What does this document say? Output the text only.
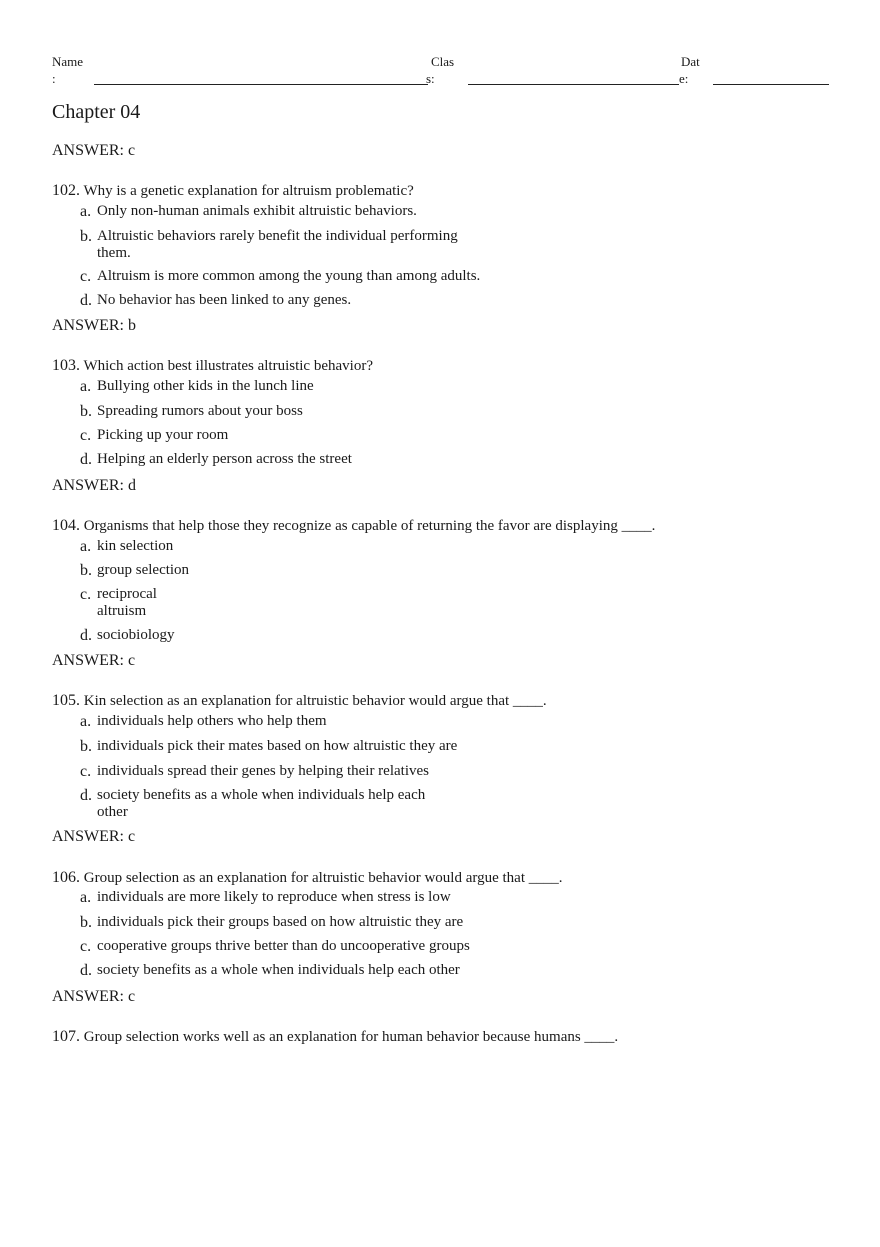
Name
:
Clas
s:
Dat
e:
Chapter 04
ANSWER: c
102. Why is a genetic explanation for altruism problematic?
a. Only non-human animals exhibit altruistic behaviors.
b. Altruistic behaviors rarely benefit the individual performing them.
c. Altruism is more common among the young than among adults.
d. No behavior has been linked to any genes.
ANSWER: b
103. Which action best illustrates altruistic behavior?
a. Bullying other kids in the lunch line
b. Spreading rumors about your boss
c. Picking up your room
d. Helping an elderly person across the street
ANSWER: d
104. Organisms that help those they recognize as capable of returning the favor are displaying ____.
a. kin selection
b. group selection
c. reciprocal altruism
d. sociobiology
ANSWER: c
105. Kin selection as an explanation for altruistic behavior would argue that ____.
a. individuals help others who help them
b. individuals pick their mates based on how altruistic they are
c. individuals spread their genes by helping their relatives
d. society benefits as a whole when individuals help each other
ANSWER: c
106. Group selection as an explanation for altruistic behavior would argue that ____.
a. individuals are more likely to reproduce when stress is low
b. individuals pick their groups based on how altruistic they are
c. cooperative groups thrive better than do uncooperative groups
d. society benefits as a whole when individuals help each other
ANSWER: c
107. Group selection works well as an explanation for human behavior because humans ____.
